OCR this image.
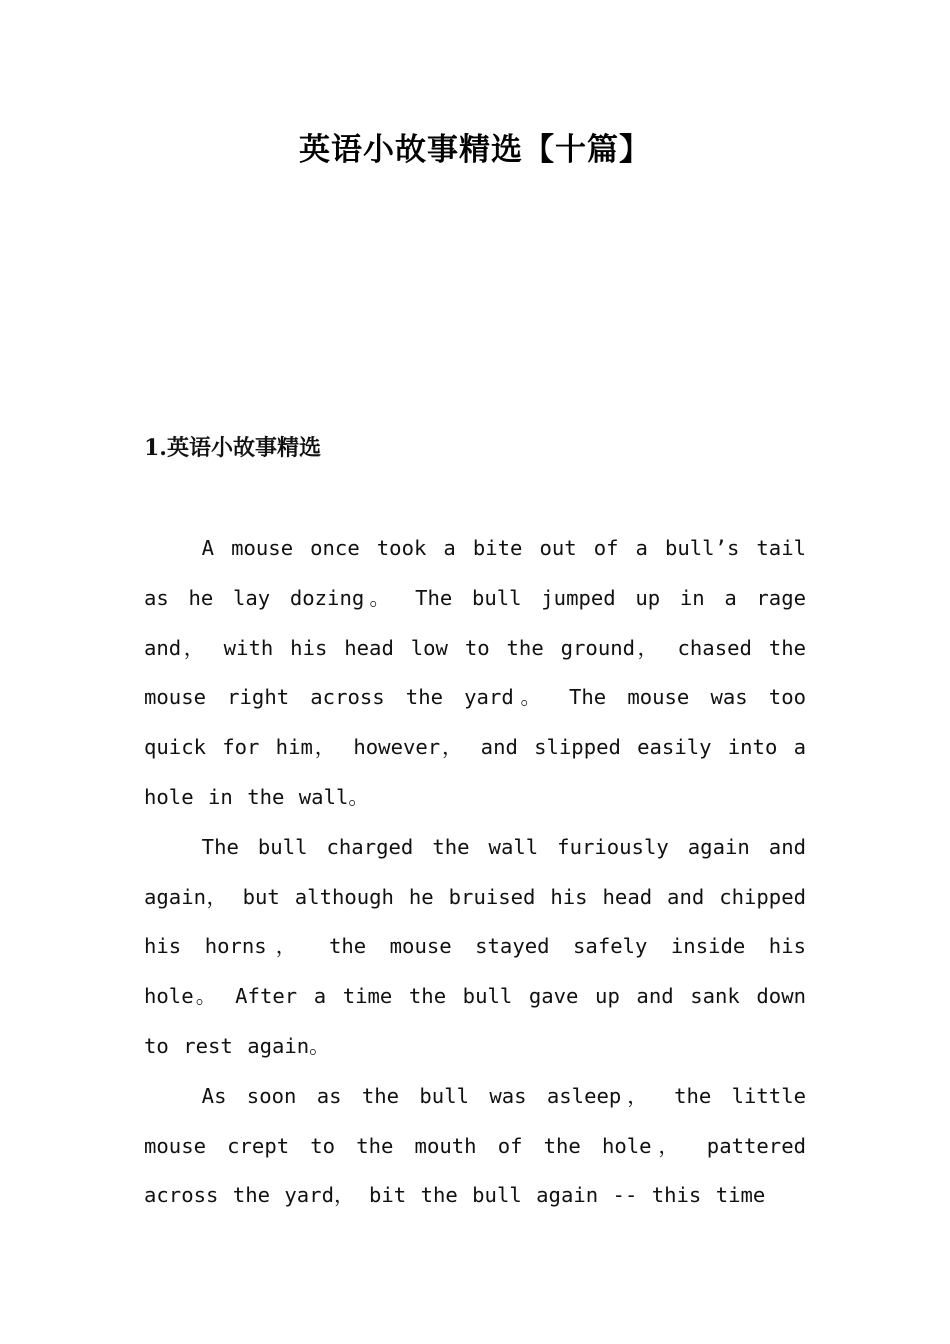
英语小故事精选【十篇】
1.英语小故事精选

A mouse once took a bite out of a bull’s tail as he lay dozing。 The bull jumped up in a rage and， with his head low to the ground， chased the mouse right across the yard。 The mouse was too quick for him， however， and slipped easily into a hole in the wall。

The bull charged the wall furiously again and again， but although he bruised his head and chipped his horns， the mouse stayed safely inside his hole。 After a time the bull gave up and sank down to rest again。

As soon as the bull was asleep， the little mouse crept to the mouth of the hole， pattered across the yard， bit the bull again -- this time
